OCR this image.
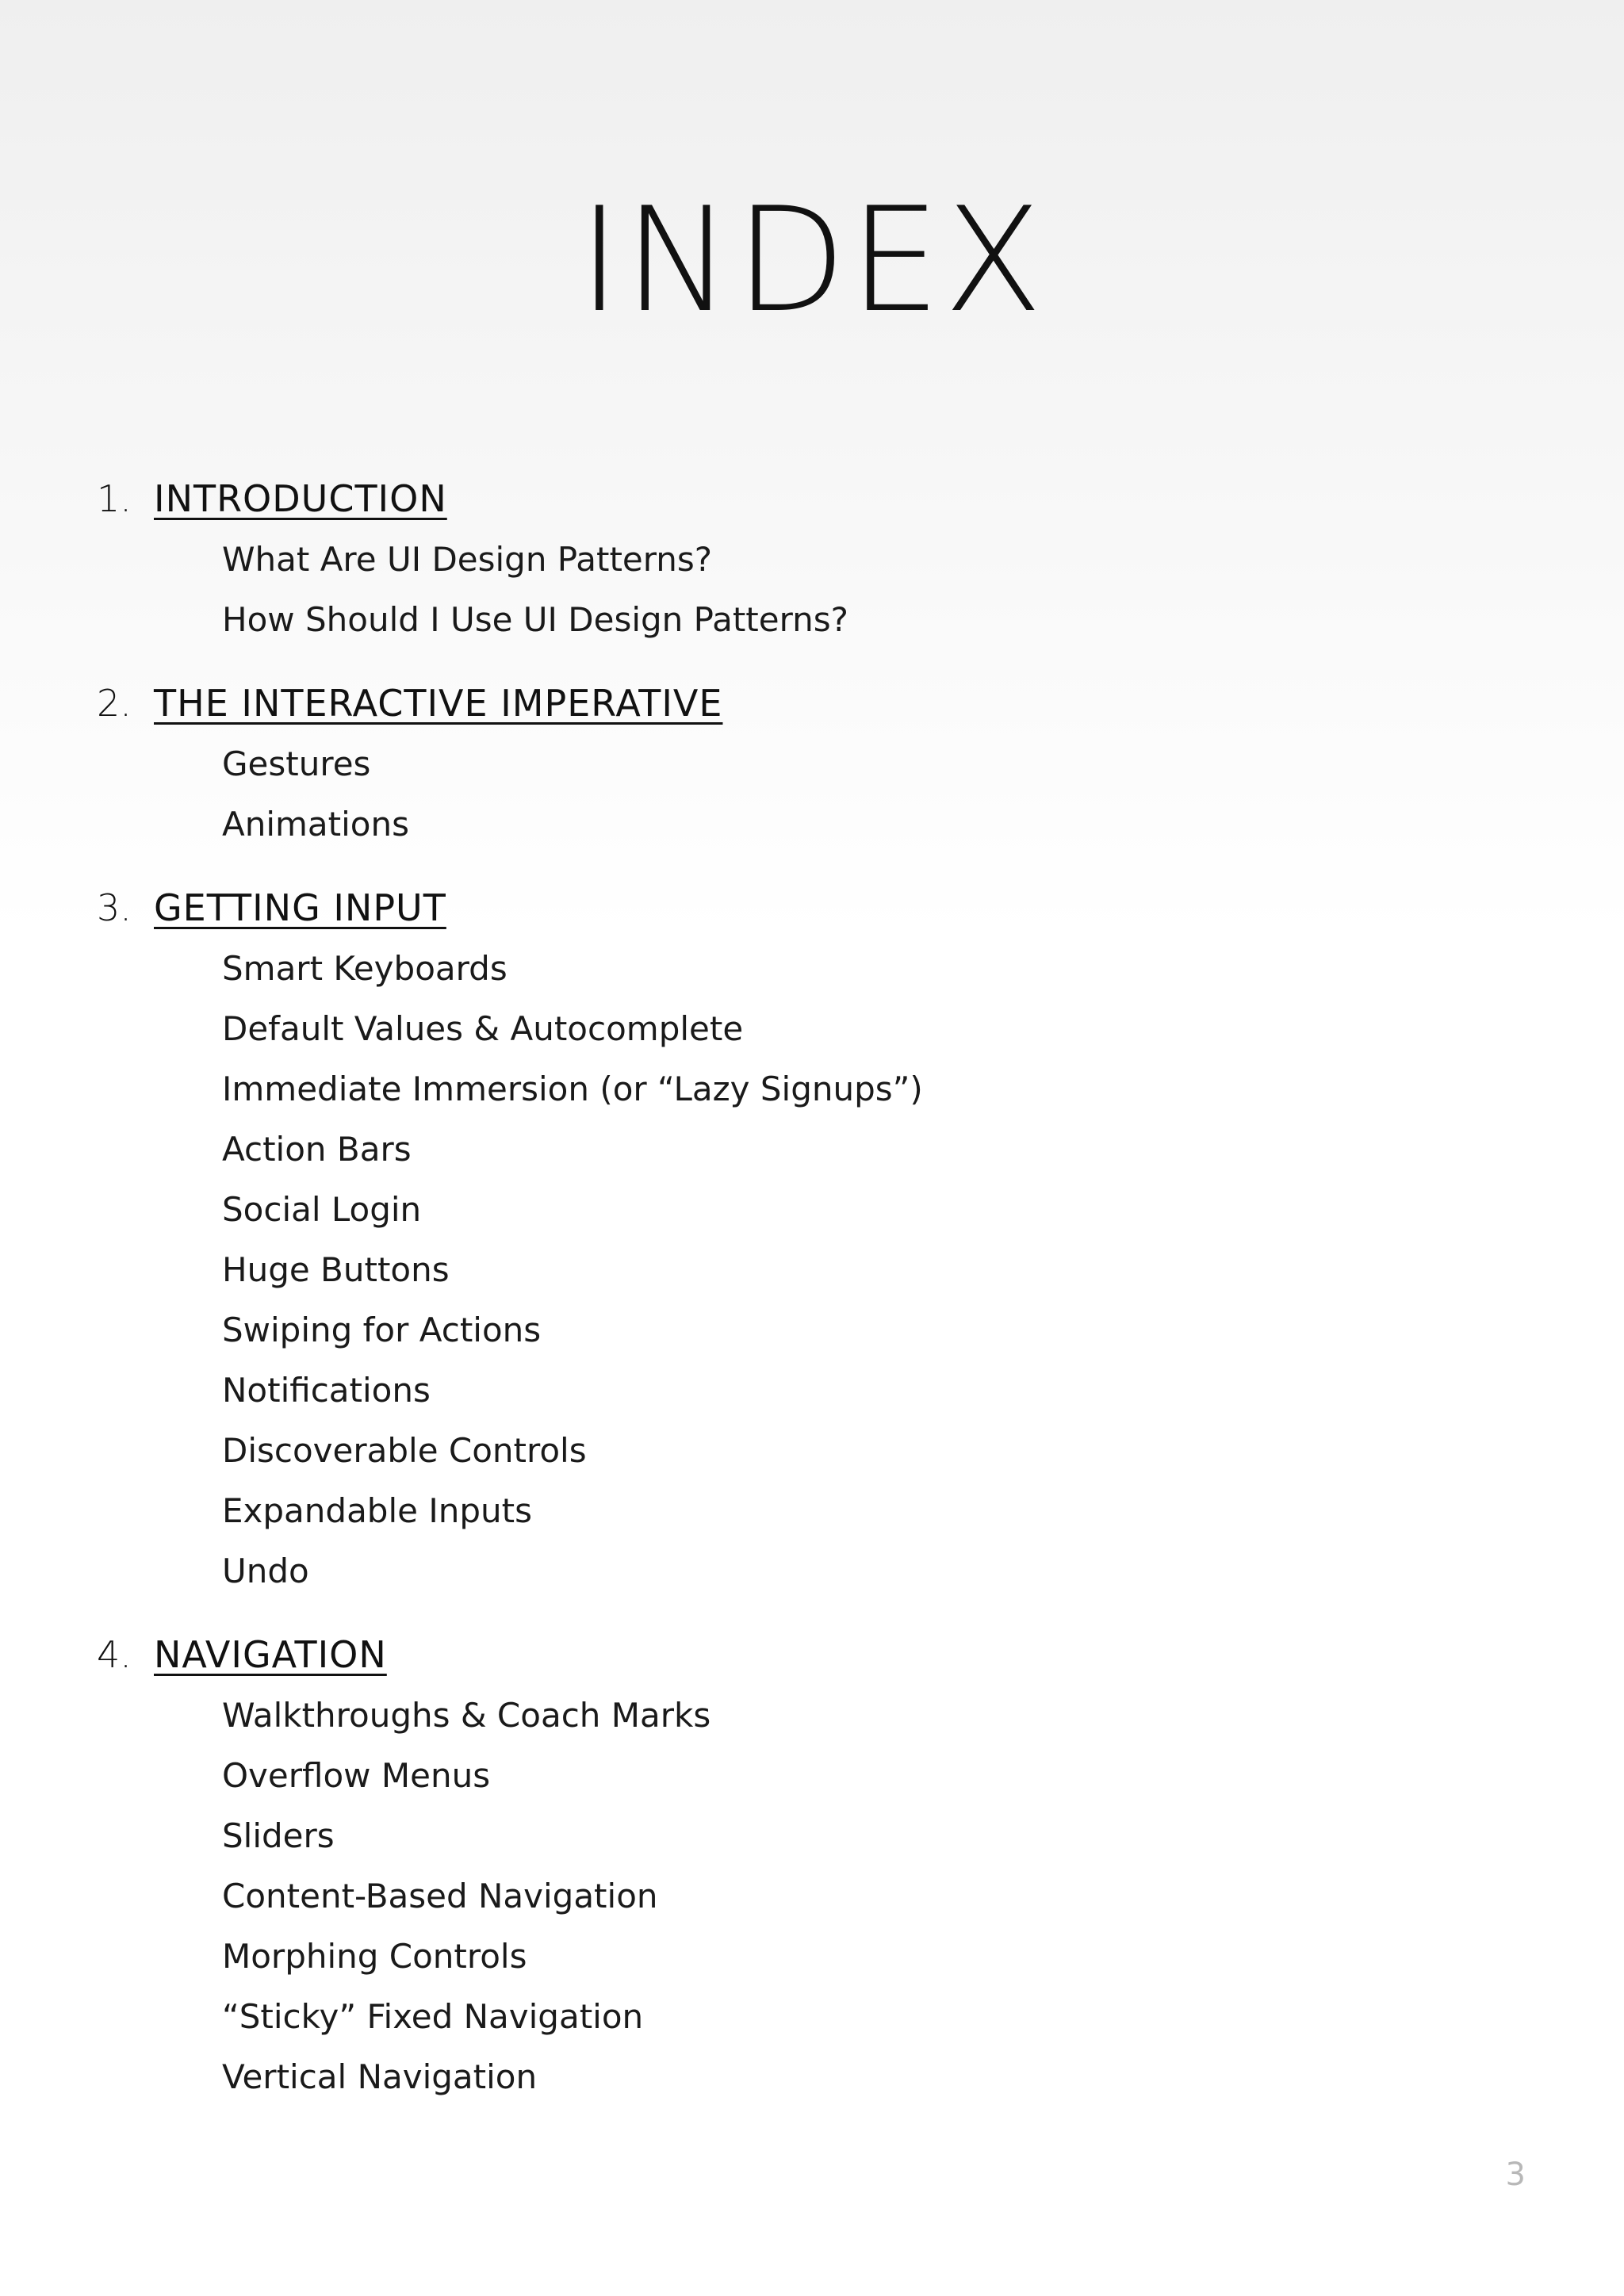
INDEX
1. INTRODUCTION
What Are UI Design Patterns?
How Should I Use UI Design Patterns?
2. THE INTERACTIVE IMPERATIVE
Gestures
Animations
3. GETTING INPUT
Smart Keyboards
Default Values & Autocomplete
Immediate Immersion (or “Lazy Signups”)
Action Bars
Social Login
Huge Buttons
Swiping for Actions
Notifications
Discoverable Controls
Expandable Inputs
Undo
4. NAVIGATION
Walkthroughs & Coach Marks
Overflow Menus
Sliders
Content-Based Navigation
Morphing Controls
“Sticky” Fixed Navigation
Vertical Navigation
3
